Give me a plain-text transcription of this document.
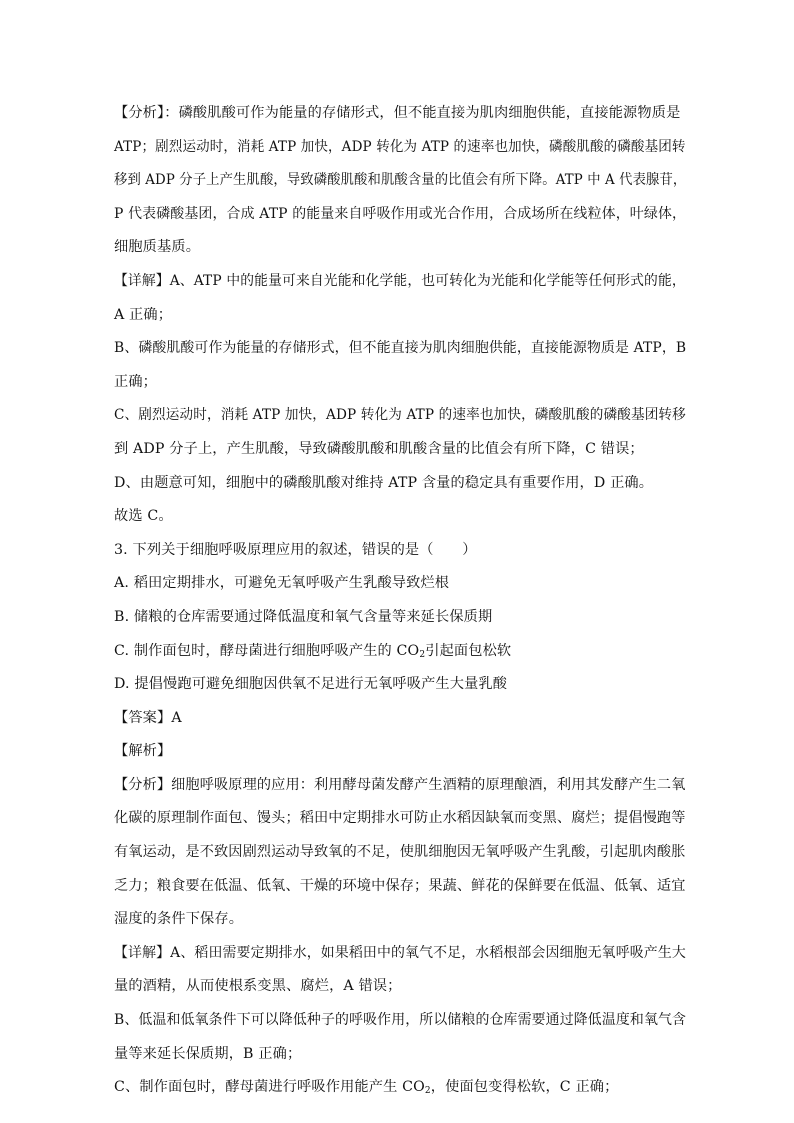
【分析】：磷酸肌酸可作为能量的存储形式，但不能直接为肌肉细胞供能，直接能源物质是
ATP；剧烈运动时，消耗 ATP 加快，ADP 转化为 ATP 的速率也加快，磷酸肌酸的磷酸基团转
移到 ADP 分子上产生肌酸，导致磷酸肌酸和肌酸含量的比值会有所下降。ATP 中 A 代表腺苷，
P 代表磷酸基团，合成 ATP 的能量来自呼吸作用或光合作用，合成场所在线粒体，叶绿体，
细胞质基质。
【详解】A、ATP 中的能量可来自光能和化学能，也可转化为光能和化学能等任何形式的能，
A 正确；
B、磷酸肌酸可作为能量的存储形式，但不能直接为肌肉细胞供能，直接能源物质是 ATP，B
正确；
C、剧烈运动时，消耗 ATP 加快，ADP 转化为 ATP 的速率也加快，磷酸肌酸的磷酸基团转移
到 ADP 分子上，产生肌酸，导致磷酸肌酸和肌酸含量的比值会有所下降，C 错误；
D、由题意可知，细胞中的磷酸肌酸对维持 ATP 含量的稳定具有重要作用，D 正确。
故选 C。
3. 下列关于细胞呼吸原理应用的叙述，错误的是（　　）
A. 稻田定期排水，可避免无氧呼吸产生乳酸导致烂根
B. 储粮的仓库需要通过降低温度和氧气含量等来延长保质期
C. 制作面包时，酵母菌进行细胞呼吸产生的 $CO_2$引起面包松软
D. 提倡慢跑可避免细胞因供氧不足进行无氧呼吸产生大量乳酸
【答案】A
【解析】
【分析】细胞呼吸原理的应用：利用酵母菌发酵产生酒精的原理酿酒，利用其发酵产生二氧
化碳的原理制作面包、馒头；稻田中定期排水可防止水稻因缺氧而变黑、腐烂；提倡慢跑等
有氧运动，是不致因剧烈运动导致氧的不足，使肌细胞因无氧呼吸产生乳酸，引起肌肉酸胀
乏力；粮食要在低温、低氧、干燥的环境中保存；果蔬、鲜花的保鲜要在低温、低氧、适宜
湿度的条件下保存。
【详解】A、稻田需要定期排水，如果稻田中的氧气不足，水稻根部会因细胞无氧呼吸产生大
量的酒精，从而使根系变黑、腐烂，A 错误；
B、低温和低氧条件下可以降低种子的呼吸作用，所以储粮的仓库需要通过降低温度和氧气含
量等来延长保质期，B 正确；
C、制作面包时，酵母菌进行呼吸作用能产生 $CO_2$，使面包变得松软，C 正确；
